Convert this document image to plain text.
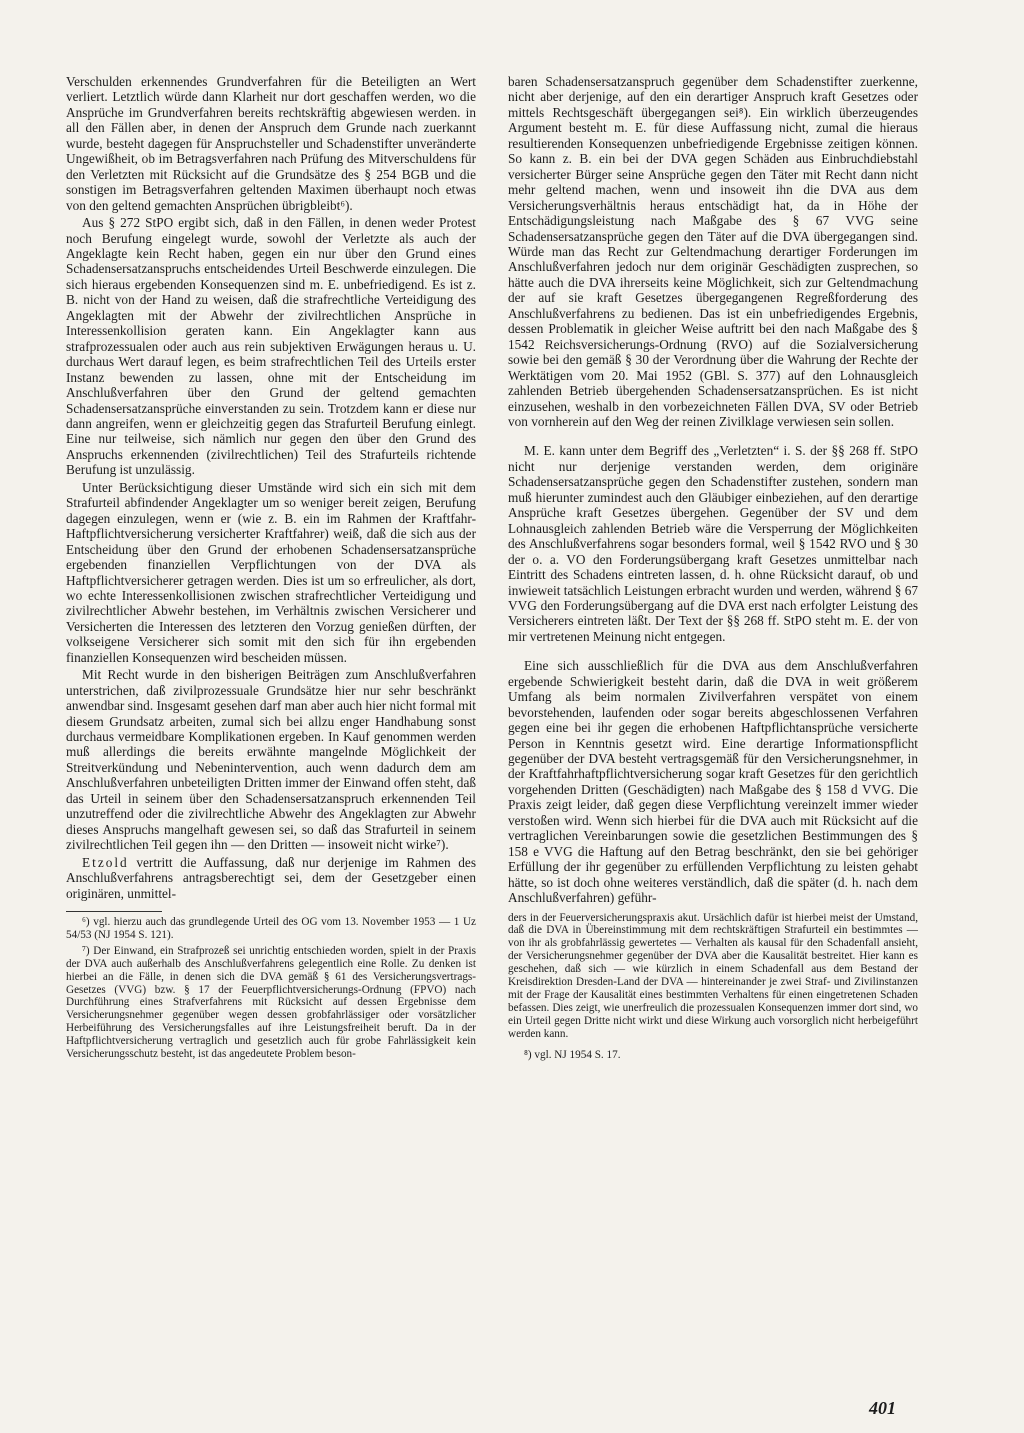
Verschulden erkennendes Grundverfahren für die Beteiligten an Wert verliert. Letztlich würde dann Klarheit nur dort geschaffen werden, wo die Ansprüche im Grundverfahren bereits rechtskräftig abgewiesen werden. in all den Fällen aber, in denen der Anspruch dem Grunde nach zuerkannt wurde, besteht dagegen für Anspruchsteller und Schadenstifter unveränderte Ungewißheit, ob im Betragsverfahren nach Prüfung des Mitverschuldens für den Verletzten mit Rücksicht auf die Grundsätze des § 254 BGB und die sonstigen im Betragsverfahren geltenden Maximen überhaupt noch etwas von den geltend gemachten Ansprüchen übrigbleibt⁶).

Aus § 272 StPO ergibt sich, daß in den Fällen, in denen weder Protest noch Berufung eingelegt wurde, sowohl der Verletzte als auch der Angeklagte kein Recht haben, gegen ein nur über den Grund eines Schadensersatzanspruchs entscheidendes Urteil Beschwerde einzulegen. Die sich hieraus ergebenden Konsequenzen sind m. E. unbefriedigend. Es ist z. B. nicht von der Hand zu weisen, daß die strafrechtliche Verteidigung des Angeklagten mit der Abwehr der zivilrechtlichen Ansprüche in Interessenkollision geraten kann. Ein Angeklagter kann aus strafprozessualen oder auch aus rein subjektiven Erwägungen heraus u. U. durchaus Wert darauf legen, es beim strafrechtlichen Teil des Urteils erster Instanz bewenden zu lassen, ohne mit der Entscheidung im Anschlußverfahren über den Grund der geltend gemachten Schadensersatzansprüche einverstanden zu sein. Trotzdem kann er diese nur dann angreifen, wenn er gleichzeitig gegen das Strafurteil Berufung einlegt. Eine nur teilweise, sich nämlich nur gegen den über den Grund des Anspruchs erkennenden (zivilrechtlichen) Teil des Strafurteils richtende Berufung ist unzulässig.

Unter Berücksichtigung dieser Umstände wird sich ein sich mit dem Strafurteil abfindender Angeklagter um so weniger bereit zeigen, Berufung dagegen einzulegen, wenn er (wie z. B. ein im Rahmen der Kraftfahr-Haftpflichtversicherung versicherter Kraftfahrer) weiß, daß die sich aus der Entscheidung über den Grund der erhobenen Schadensersatzansprüche ergebenden finanziellen Verpflichtungen von der DVA als Haftpflichtversicherer getragen werden. Dies ist um so erfreulicher, als dort, wo echte Interessenkollisionen zwischen strafrechtlicher Verteidigung und zivilrechtlicher Abwehr bestehen, im Verhältnis zwischen Versicherer und Versicherten die Interessen des letzteren den Vorzug genießen dürften, der volkseigene Versicherer sich somit mit den sich für ihn ergebenden finanziellen Konsequenzen wird bescheiden müssen.

Mit Recht wurde in den bisherigen Beiträgen zum Anschlußverfahren unterstrichen, daß zivilprozessuale Grundsätze hier nur sehr beschränkt anwendbar sind. Insgesamt gesehen darf man aber auch hier nicht formal mit diesem Grundsatz arbeiten, zumal sich bei allzu enger Handhabung sonst durchaus vermeidbare Komplikationen ergeben. In Kauf genommen werden muß allerdings die bereits erwähnte mangelnde Möglichkeit der Streitverkündung und Nebenintervention, auch wenn dadurch dem am Anschlußverfahren unbeteiligten Dritten immer der Einwand offen steht, daß das Urteil in seinem über den Schadensersatzanspruch erkennenden Teil unzutreffend oder die zivilrechtliche Abwehr des Angeklagten zur Abwehr dieses Anspruchs mangelhaft gewesen sei, so daß das Strafurteil in seinem zivilrechtlichen Teil gegen ihn — den Dritten — insoweit nicht wirke⁷).

Etzold vertritt die Auffassung, daß nur derjenige im Rahmen des Anschlußverfahrens antragsberechtigt sei, dem der Gesetzgeber einen originären, unmittel-

⁶) vgl. hierzu auch das grundlegende Urteil des OG vom 13. November 1953 — 1 Uz 54/53 (NJ 1954 S. 121).

⁷) Der Einwand, ein Strafprozeß sei unrichtig entschieden worden, spielt in der Praxis der DVA auch außerhalb des Anschlußverfahrens gelegentlich eine Rolle. Zu denken ist hierbei an die Fälle, in denen sich die DVA gemäß § 61 des Versicherungsvertrags-Gesetzes (VVG) bzw. § 17 der Feuerpflichtversicherungs-Ordnung (FPVO) nach Durchführung eines Strafverfahrens mit Rücksicht auf dessen Ergebnisse dem Versicherungsnehmer gegenüber wegen dessen grobfahrlässiger oder vorsätzlicher Herbeiführung des Versicherungsfalles auf ihre Leistungsfreiheit beruft. Da in der Haftpflichtversicherung vertraglich und gesetzlich auch für grobe Fahrlässigkeit kein Versicherungsschutz besteht, ist das angedeutete Problem beson-

baren Schadensersatzanspruch gegenüber dem Schadenstifter zuerkenne, nicht aber derjenige, auf den ein derartiger Anspruch kraft Gesetzes oder mittels Rechtsgeschäft übergegangen sei⁸). Ein wirklich überzeugendes Argument besteht m. E. für diese Auffassung nicht, zumal die hieraus resultierenden Konsequenzen unbefriedigende Ergebnisse zeitigen können. So kann z. B. ein bei der DVA gegen Schäden aus Einbruchdiebstahl versicherter Bürger seine Ansprüche gegen den Täter mit Recht dann nicht mehr geltend machen, wenn und insoweit ihn die DVA aus dem Versicherungsverhältnis heraus entschädigt hat, da in Höhe der Entschädigungsleistung nach Maßgabe des § 67 VVG seine Schadensersatzansprüche gegen den Täter auf die DVA übergegangen sind. Würde man das Recht zur Geltendmachung derartiger Forderungen im Anschlußverfahren jedoch nur dem originär Geschädigten zusprechen, so hätte auch die DVA ihrerseits keine Möglichkeit, sich zur Geltendmachung der auf sie kraft Gesetzes übergegangenen Regreßforderung des Anschlußverfahrens zu bedienen. Das ist ein unbefriedigendes Ergebnis, dessen Problematik in gleicher Weise auftritt bei den nach Maßgabe des § 1542 Reichsversicherungs-Ordnung (RVO) auf die Sozialversicherung sowie bei den gemäß § 30 der Verordnung über die Wahrung der Rechte der Werktätigen vom 20. Mai 1952 (GBl. S. 377) auf den Lohnausgleich zahlenden Betrieb übergehenden Schadensersatzansprüchen. Es ist nicht einzusehen, weshalb in den vorbezeichneten Fällen DVA, SV oder Betrieb von vornherein auf den Weg der reinen Zivilklage verwiesen sein sollen.

M. E. kann unter dem Begriff des „Verletzten“ i. S. der §§ 268 ff. StPO nicht nur derjenige verstanden werden, dem originäre Schadensersatzansprüche gegen den Schadenstifter zustehen, sondern man muß hierunter zumindest auch den Gläubiger einbeziehen, auf den derartige Ansprüche kraft Gesetzes übergehen. Gegenüber der SV und dem Lohnausgleich zahlenden Betrieb wäre die Versperrung der Möglichkeiten des Anschlußverfahrens sogar besonders formal, weil § 1542 RVO und § 30 der o. a. VO den Forderungsübergang kraft Gesetzes unmittelbar nach Eintritt des Schadens eintreten lassen, d. h. ohne Rücksicht darauf, ob und inwieweit tatsächlich Leistungen erbracht wurden und werden, während § 67 VVG den Forderungsübergang auf die DVA erst nach erfolgter Leistung des Versicherers eintreten läßt. Der Text der §§ 268 ff. StPO steht m. E. der von mir vertretenen Meinung nicht entgegen.

Eine sich ausschließlich für die DVA aus dem Anschlußverfahren ergebende Schwierigkeit besteht darin, daß die DVA in weit größerem Umfang als beim normalen Zivilverfahren verspätet von einem bevorstehenden, laufenden oder sogar bereits abgeschlossenen Verfahren gegen eine bei ihr gegen die erhobenen Haftpflichtansprüche versicherte Person in Kenntnis gesetzt wird. Eine derartige Informationspflicht gegenüber der DVA besteht vertragsgemäß für den Versicherungsnehmer, in der Kraftfahrhaftpflichtversicherung sogar kraft Gesetzes für den gerichtlich vorgehenden Dritten (Geschädigten) nach Maßgabe des § 158 d VVG. Die Praxis zeigt leider, daß gegen diese Verpflichtung vereinzelt immer wieder verstoßen wird. Wenn sich hierbei für die DVA auch mit Rücksicht auf die vertraglichen Vereinbarungen sowie die gesetzlichen Bestimmungen des § 158 e VVG die Haftung auf den Betrag beschränkt, den sie bei gehöriger Erfüllung der ihr gegenüber zu erfüllenden Verpflichtung zu leisten gehabt hätte, so ist doch ohne weiteres verständlich, daß die später (d. h. nach dem Anschlußverfahren) geführ-

ders in der Feuerversicherungspraxis akut. Ursächlich dafür ist hierbei meist der Umstand, daß die DVA in Übereinstimmung mit dem rechtskräftigen Strafurteil ein bestimmtes — von ihr als grobfahrlässig gewertetes — Verhalten als kausal für den Schadenfall ansieht, der Versicherungsnehmer gegenüber der DVA aber die Kausalität bestreitet. Hier kann es geschehen, daß sich — wie kürzlich in einem Schadenfall aus dem Bestand der Kreisdirektion Dresden-Land der DVA — hintereinander je zwei Straf- und Zivilinstanzen mit der Frage der Kausalität eines bestimmten Verhaltens für einen eingetretenen Schaden befassen. Dies zeigt, wie unerfreulich die prozessualen Konsequenzen immer dort sind, wo ein Urteil gegen Dritte nicht wirkt und diese Wirkung auch vorsorglich nicht herbeigeführt werden kann.

⁸) vgl. NJ 1954 S. 17.

401
